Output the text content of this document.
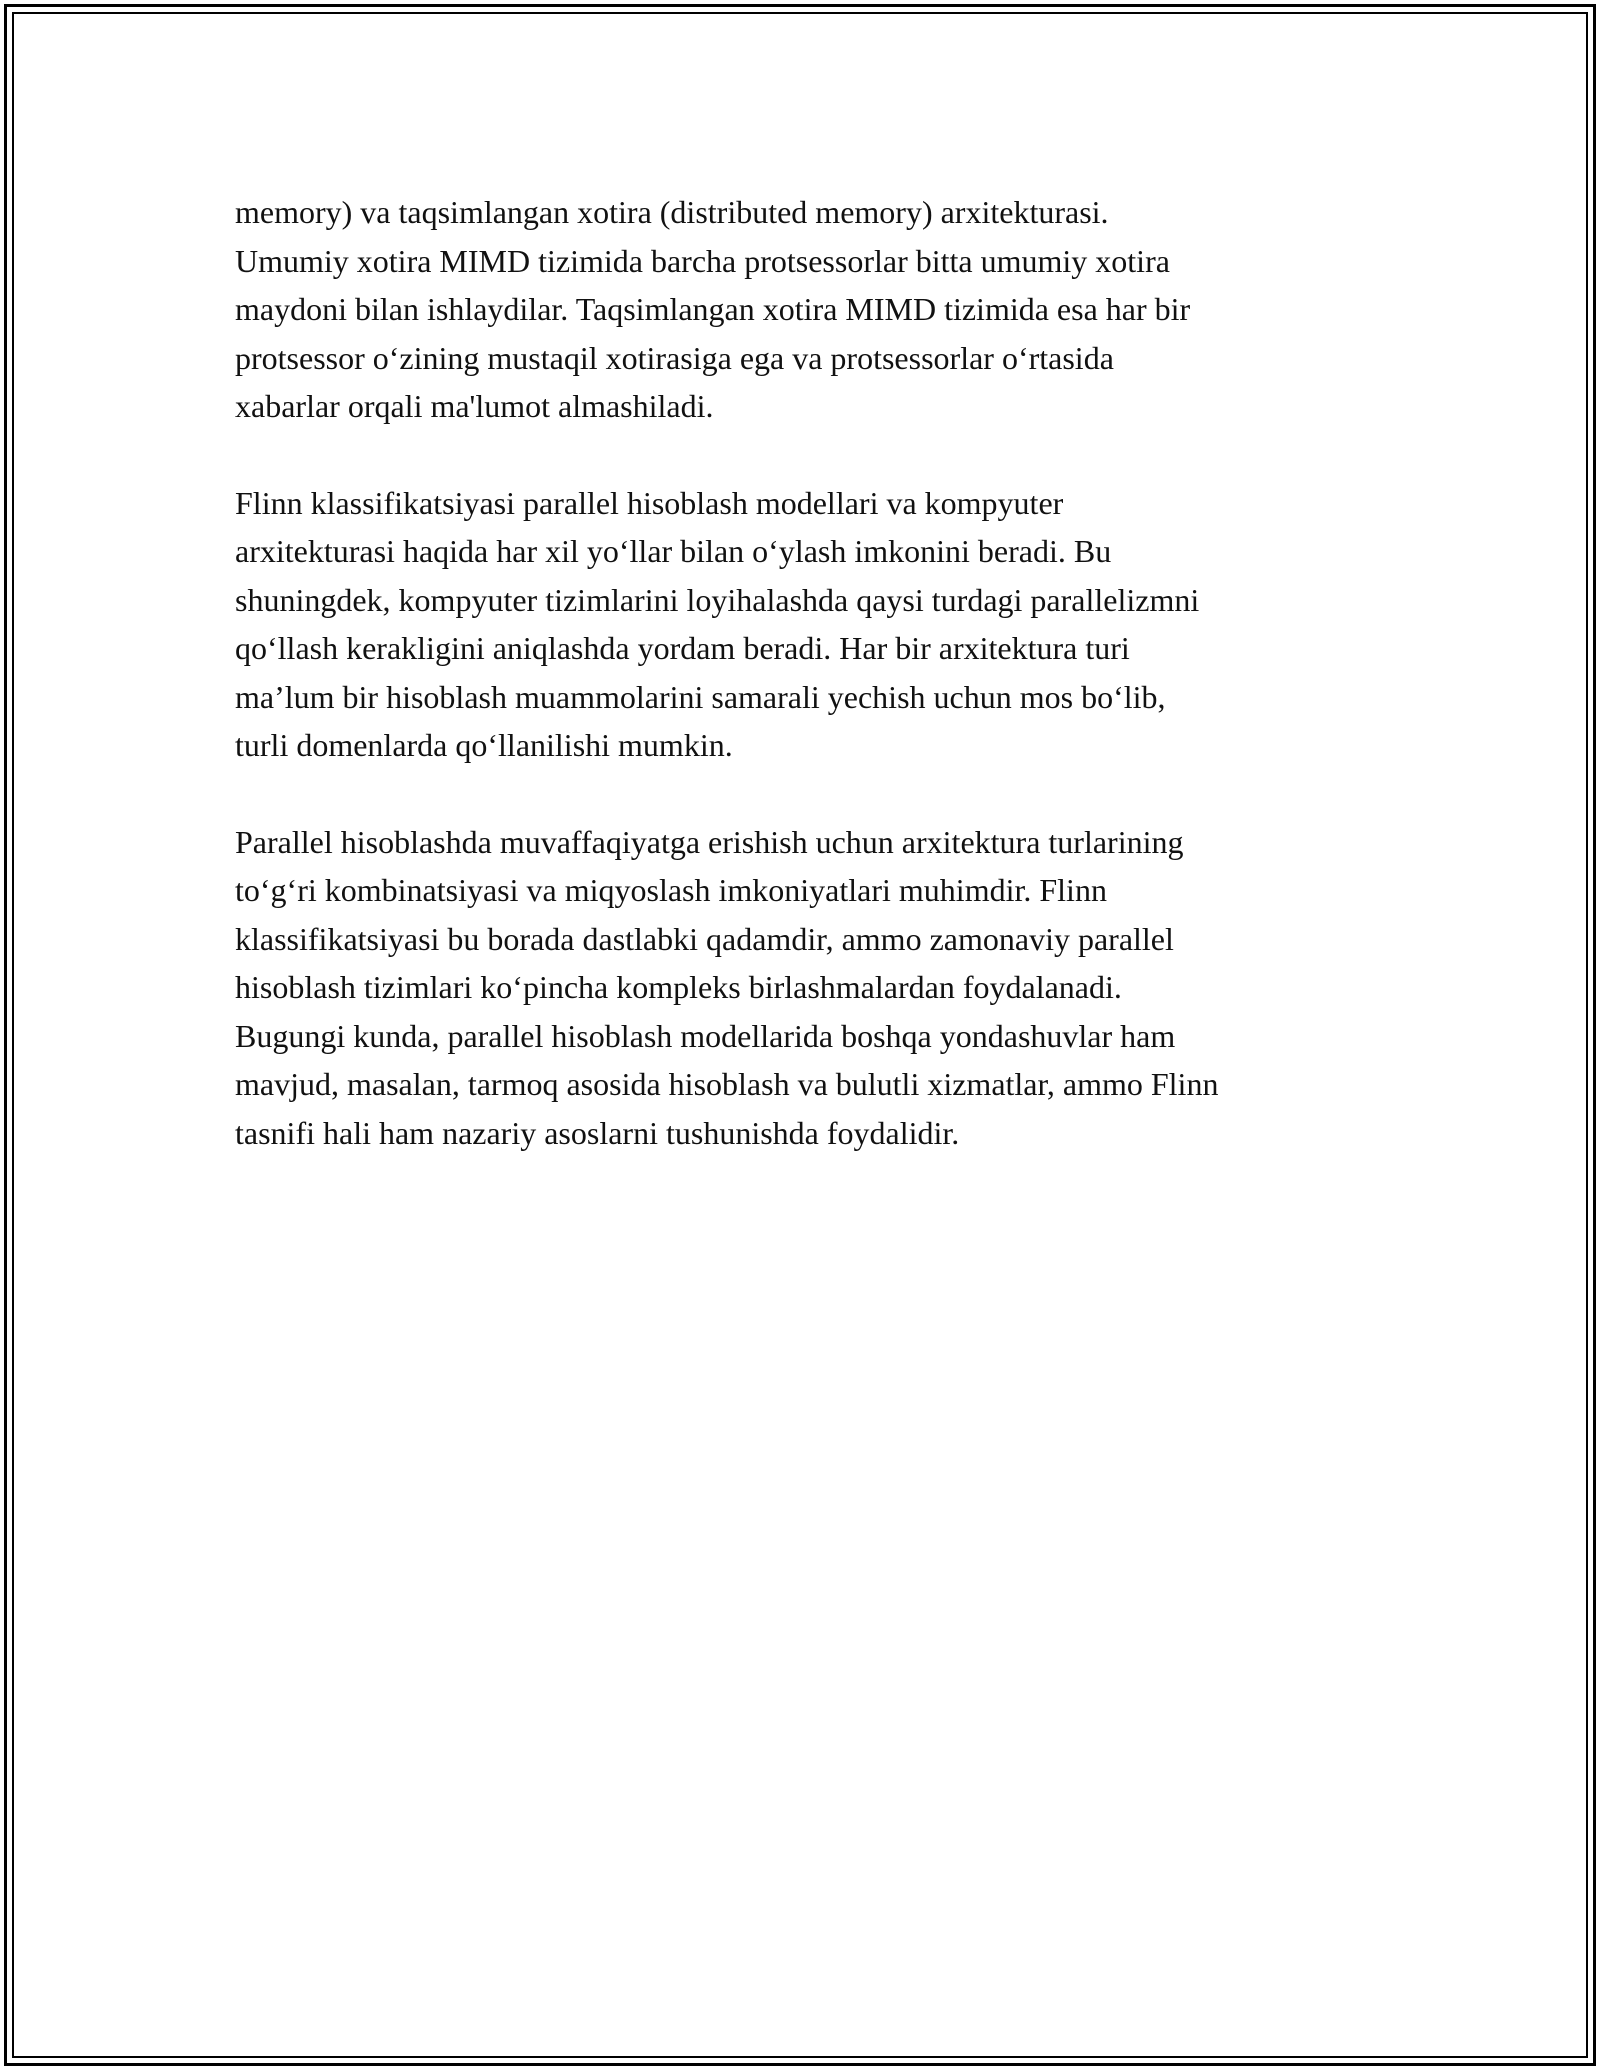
memory) va taqsimlangan xotira (distributed memory) arxitekturasi.
Umumiy xotira MIMD tizimida barcha protsessorlar bitta umumiy xotira
maydoni bilan ishlaydilar. Taqsimlangan xotira MIMD tizimida esa har bir
protsessor o‘zining mustaqil xotirasiga ega va protsessorlar o‘rtasida
xabarlar orqali ma'lumot almashiladi.

Flinn klassifikatsiyasi parallel hisoblash modellari va kompyuter
arxitekturasi haqida har xil yo‘llar bilan o‘ylash imkonini beradi. Bu
shuningdek, kompyuter tizimlarini loyihalashda qaysi turdagi parallelizmni
qo‘llash kerakligini aniqlashda yordam beradi. Har bir arxitektura turi
ma’lum bir hisoblash muammolarini samarali yechish uchun mos bo‘lib,
turli domenlarda qo‘llanilishi mumkin.

Parallel hisoblashda muvaffaqiyatga erishish uchun arxitektura turlarining
to‘g‘ri kombinatsiyasi va miqyoslash imkoniyatlari muhimdir. Flinn
klassifikatsiyasi bu borada dastlabki qadamdir, ammo zamonaviy parallel
hisoblash tizimlari ko‘pincha kompleks birlashmalardan foydalanadi.
Bugungi kunda, parallel hisoblash modellarida boshqa yondashuvlar ham
mavjud, masalan, tarmoq asosida hisoblash va bulutli xizmatlar, ammo Flinn
tasnifi hali ham nazariy asoslarni tushunishda foydalidir.
